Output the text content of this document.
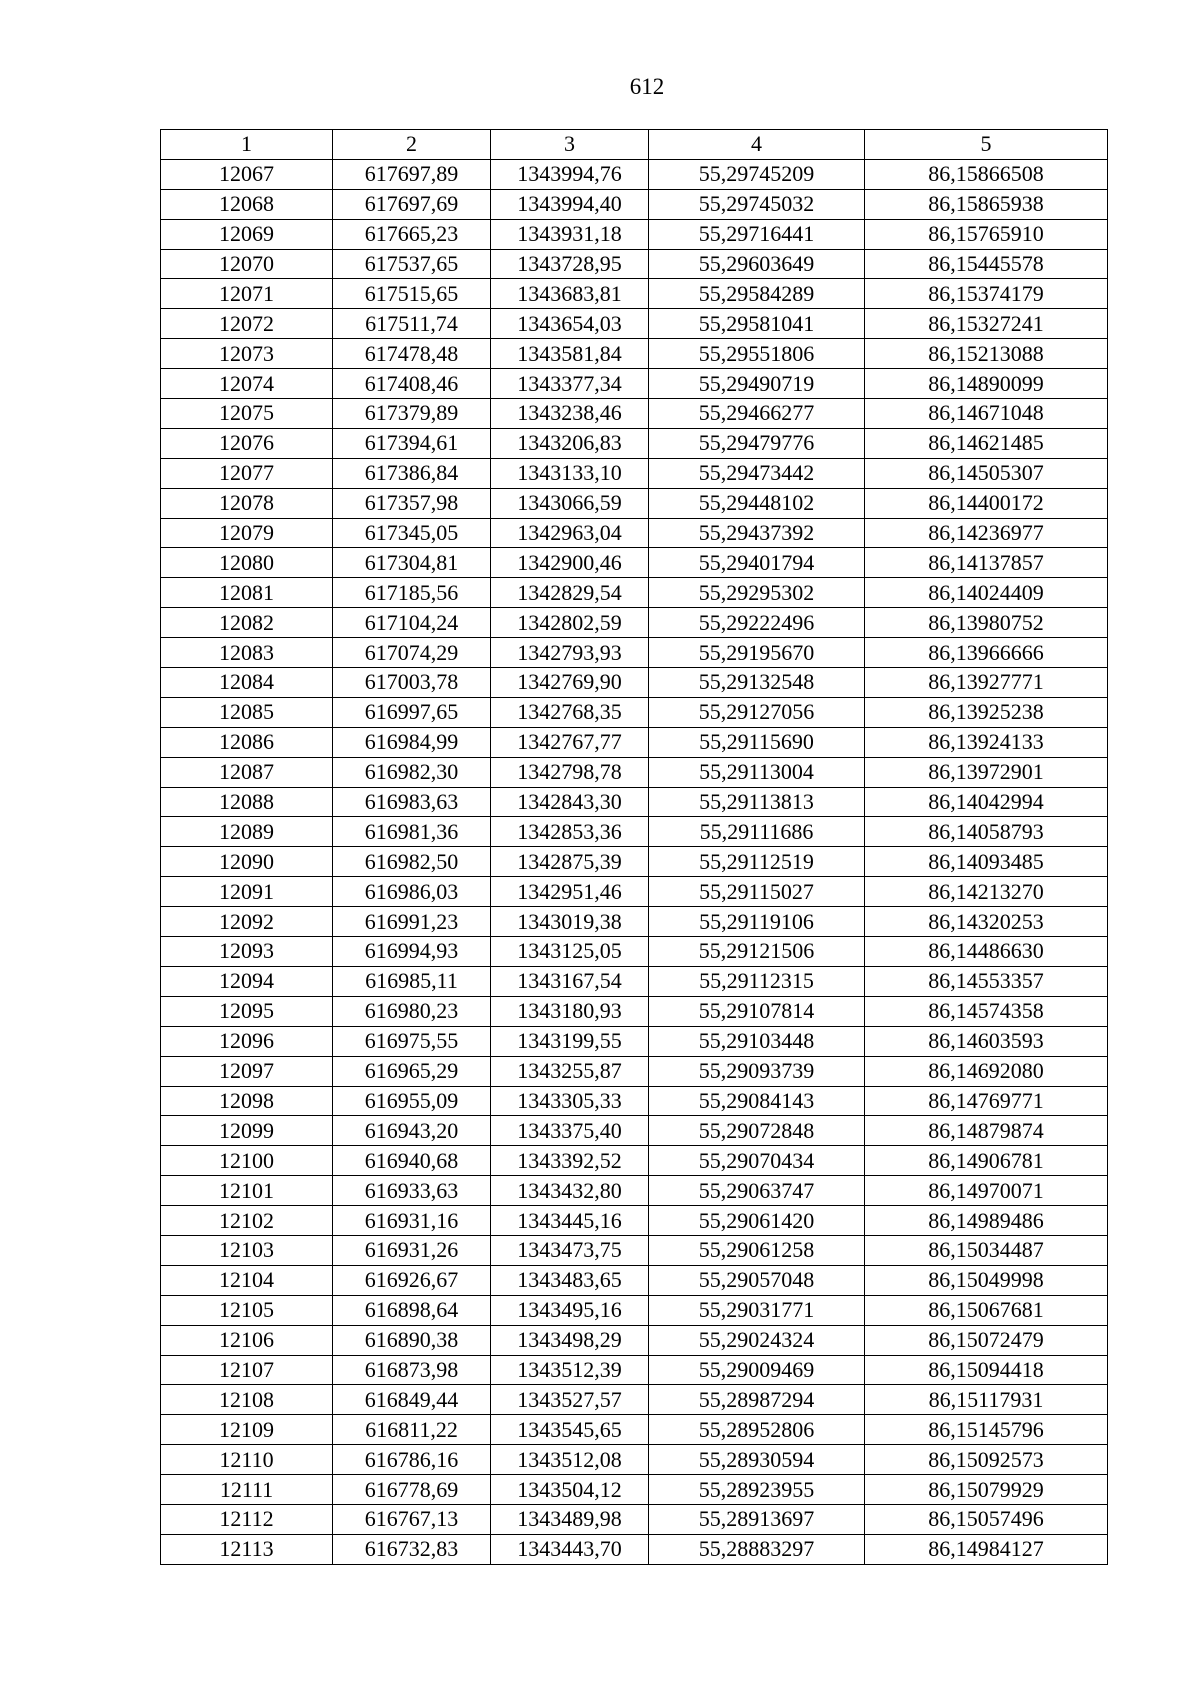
612
1	2	3	4	5
12067	617697,89	1343994,76	55,29745209	86,15866508
12068	617697,69	1343994,40	55,29745032	86,15865938
12069	617665,23	1343931,18	55,29716441	86,15765910
12070	617537,65	1343728,95	55,29603649	86,15445578
12071	617515,65	1343683,81	55,29584289	86,15374179
12072	617511,74	1343654,03	55,29581041	86,15327241
12073	617478,48	1343581,84	55,29551806	86,15213088
12074	617408,46	1343377,34	55,29490719	86,14890099
12075	617379,89	1343238,46	55,29466277	86,14671048
12076	617394,61	1343206,83	55,29479776	86,14621485
12077	617386,84	1343133,10	55,29473442	86,14505307
12078	617357,98	1343066,59	55,29448102	86,14400172
12079	617345,05	1342963,04	55,29437392	86,14236977
12080	617304,81	1342900,46	55,29401794	86,14137857
12081	617185,56	1342829,54	55,29295302	86,14024409
12082	617104,24	1342802,59	55,29222496	86,13980752
12083	617074,29	1342793,93	55,29195670	86,13966666
12084	617003,78	1342769,90	55,29132548	86,13927771
12085	616997,65	1342768,35	55,29127056	86,13925238
12086	616984,99	1342767,77	55,29115690	86,13924133
12087	616982,30	1342798,78	55,29113004	86,13972901
12088	616983,63	1342843,30	55,29113813	86,14042994
12089	616981,36	1342853,36	55,29111686	86,14058793
12090	616982,50	1342875,39	55,29112519	86,14093485
12091	616986,03	1342951,46	55,29115027	86,14213270
12092	616991,23	1343019,38	55,29119106	86,14320253
12093	616994,93	1343125,05	55,29121506	86,14486630
12094	616985,11	1343167,54	55,29112315	86,14553357
12095	616980,23	1343180,93	55,29107814	86,14574358
12096	616975,55	1343199,55	55,29103448	86,14603593
12097	616965,29	1343255,87	55,29093739	86,14692080
12098	616955,09	1343305,33	55,29084143	86,14769771
12099	616943,20	1343375,40	55,29072848	86,14879874
12100	616940,68	1343392,52	55,29070434	86,14906781
12101	616933,63	1343432,80	55,29063747	86,14970071
12102	616931,16	1343445,16	55,29061420	86,14989486
12103	616931,26	1343473,75	55,29061258	86,15034487
12104	616926,67	1343483,65	55,29057048	86,15049998
12105	616898,64	1343495,16	55,29031771	86,15067681
12106	616890,38	1343498,29	55,29024324	86,15072479
12107	616873,98	1343512,39	55,29009469	86,15094418
12108	616849,44	1343527,57	55,28987294	86,15117931
12109	616811,22	1343545,65	55,28952806	86,15145796
12110	616786,16	1343512,08	55,28930594	86,15092573
12111	616778,69	1343504,12	55,28923955	86,15079929
12112	616767,13	1343489,98	55,28913697	86,15057496
12113	616732,83	1343443,70	55,28883297	86,14984127
